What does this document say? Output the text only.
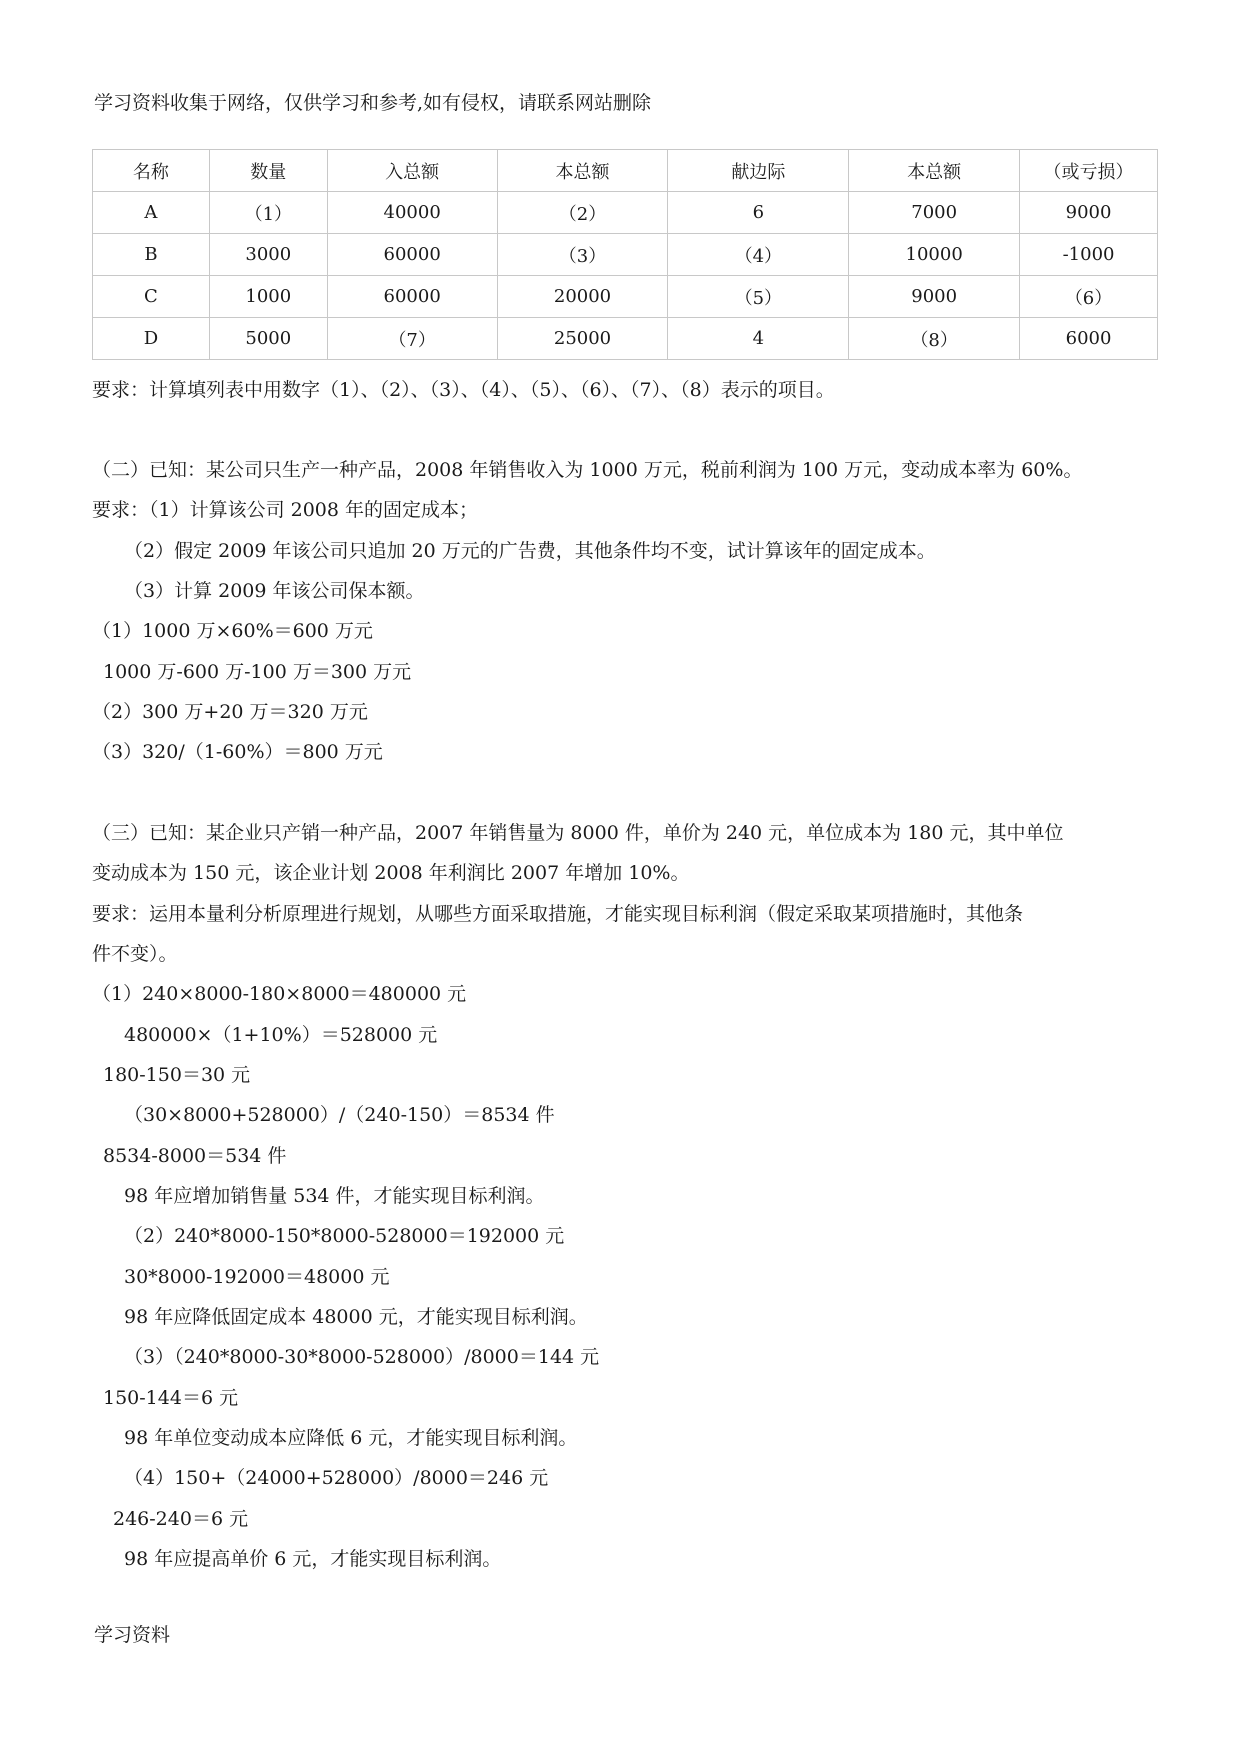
学习资料收集于网络，仅供学习和参考,如有侵权，请联系网站删除
名称	数量	入总额	本总额	献边际	本总额	（或亏损）
A	（1）	40000	（2）	6	7000	9000
B	3000	60000	（3）	（4）	10000	-1000
C	1000	60000	20000	（5）	9000	（6）
D	5000	（7）	25000	4	（8）	6000
要求：计算填列表中用数字（1）、（2）、（3）、（4）、（5）、（6）、（7）、（8）表示的项目。
（二）已知：某公司只生产一种产品，2008 年销售收入为 1000 万元，税前利润为 100 万元，变动成本率为 60%。
要求：（1）计算该公司 2008 年的固定成本；
（2）假定 2009 年该公司只追加 20 万元的广告费，其他条件均不变，试计算该年的固定成本。
（3）计算 2009 年该公司保本额。
（1）1000 万×60%＝600 万元
1000 万-600 万-100 万＝300 万元
（2）300 万+20 万＝320 万元
（3）320/（1-60%）＝800 万元
（三）已知：某企业只产销一种产品，2007 年销售量为 8000 件，单价为 240 元，单位成本为 180 元，其中单位
变动成本为 150 元，该企业计划 2008 年利润比 2007 年增加 10%。
要求：运用本量利分析原理进行规划，从哪些方面采取措施，才能实现目标利润（假定采取某项措施时，其他条
件不变）。
（1）240×8000-180×8000＝480000 元
480000×（1+10%）＝528000 元
180-150＝30 元
（30×8000+528000）/（240-150）＝8534 件
8534-8000＝534 件
98 年应增加销售量 534 件，才能实现目标利润。
（2）240*8000-150*8000-528000＝192000 元
30*8000-192000＝48000 元
98 年应降低固定成本 48000 元，才能实现目标利润。
（3）（240*8000-30*8000-528000）/8000＝144 元
150-144＝6 元
98 年单位变动成本应降低 6 元，才能实现目标利润。
（4）150+（24000+528000）/8000＝246 元
246-240＝6 元
98 年应提高单价 6 元，才能实现目标利润。
学习资料
